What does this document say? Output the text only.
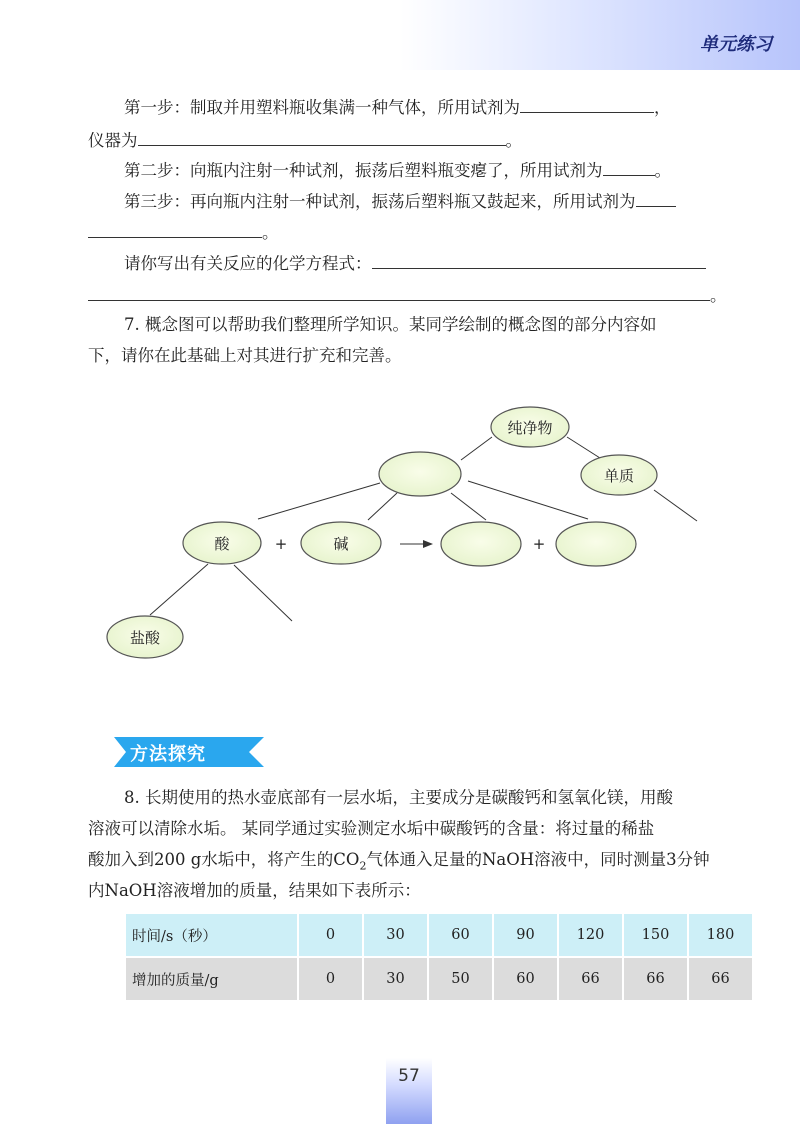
单元练习
第一步：制取并用塑料瓶收集满一种气体，所用试剂为	，
仪器为	。
第二步：向瓶内注射一种试剂，振荡后塑料瓶变瘪了，所用试剂为	。
第三步：再向瓶内注射一种试剂，振荡后塑料瓶又鼓起来，所用试剂为
。
请你写出有关反应的化学方程式：
。
7. 概念图可以帮助我们整理所学知识。某同学绘制的概念图的部分内容如
下，请你在此基础上对其进行扩充和完善。
纯净物
单质
酸	碱
盐酸
+	+
方法探究
8. 长期使用的热水壶底部有一层水垢，主要成分是碳酸钙和氢氧化镁，用酸
溶液可以清除水垢。 某同学通过实验测定水垢中碳酸钙的含量：将过量的稀盐
酸加入到200 g水垢中，将产生的$CO_2$气体通入足量的NaOH溶液中，同时测量3分钟
内NaOH溶液增加的质量，结果如下表所示：
时间/s（秒）	0	30	60	90	120	150	180
增加的质量/g	0	30	50	60	66	66	66
57
